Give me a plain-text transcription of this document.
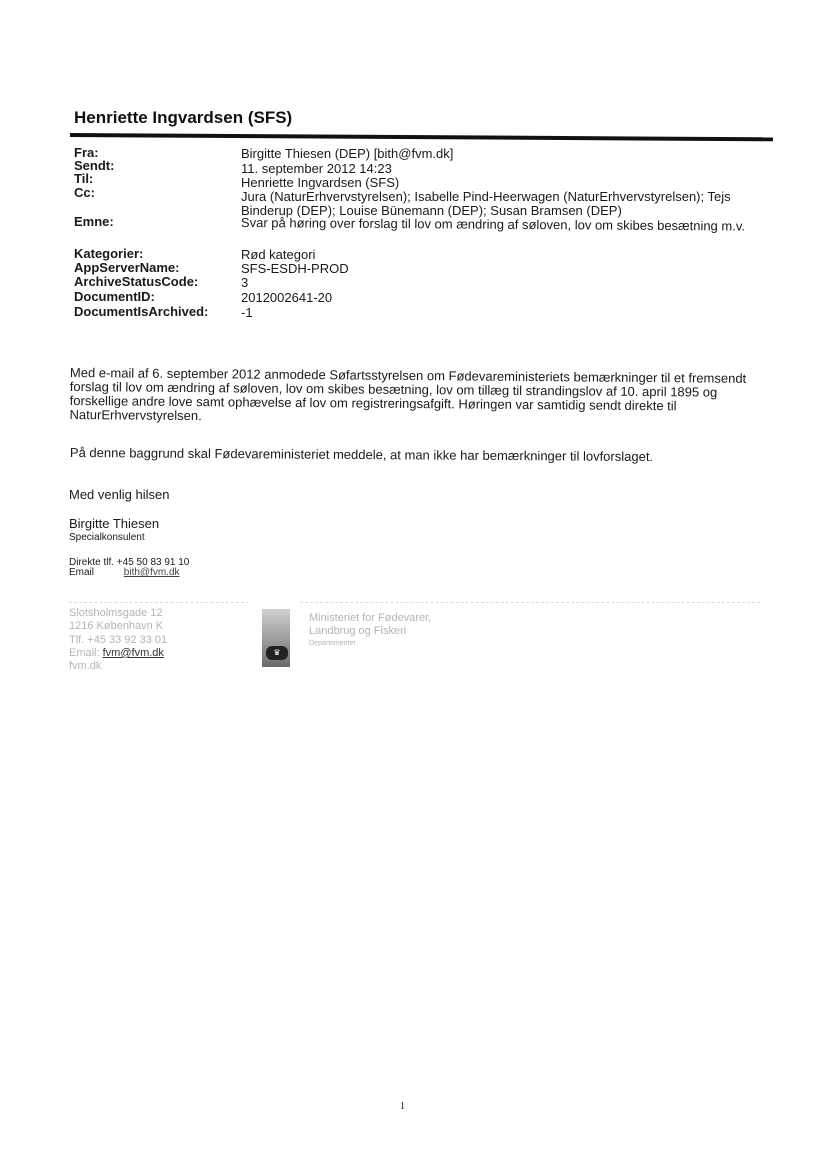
Henriette Ingvardsen (SFS)
Fra:	Birgitte Thiesen (DEP) [bith@fvm.dk]
Sendt:	11. september 2012 14:23
Til:	Henriette Ingvardsen (SFS)
Cc:	Jura (NaturErhvervstyrelsen); Isabelle Pind-Heerwagen (NaturErhvervstyrelsen); Tejs Binderup (DEP); Louise Bünemann (DEP); Susan Bramsen (DEP)
Emne:	Svar på høring over forslag til lov om ændring af søloven, lov om skibes besætning m.v.
Kategorier:	Rød kategori
AppServerName:	SFS-ESDH-PROD
ArchiveStatusCode:	3
DocumentID:	2012002641-20
DocumentIsArchived:	-1
Med e-mail af 6. september 2012 anmodede Søfartsstyrelsen om Fødevareministeriets bemærkninger til et fremsendt forslag til lov om ændring af søloven, lov om skibes besætning, lov om tillæg til strandingslov af 10. april 1895 og forskellige andre love samt ophævelse af lov om registreringsafgift. Høringen var samtidig sendt direkte til NaturErhvervstyrelsen.
På denne baggrund skal Fødevareministeriet meddele, at man ikke har bemærkninger til lovforslaget.
Med venlig hilsen
Birgitte Thiesen
Specialkonsulent
Direkte tlf. +45 50 83 91 10
Email	bith@fvm.dk
Slotsholmsgade 12
1216 København K
Tlf. +45 33 92 33 01
Email: fvm@fvm.dk
fvm.dk
♛
Ministeriet for Fødevarer,
Landbrug og Fiskeri
Departementet
1
